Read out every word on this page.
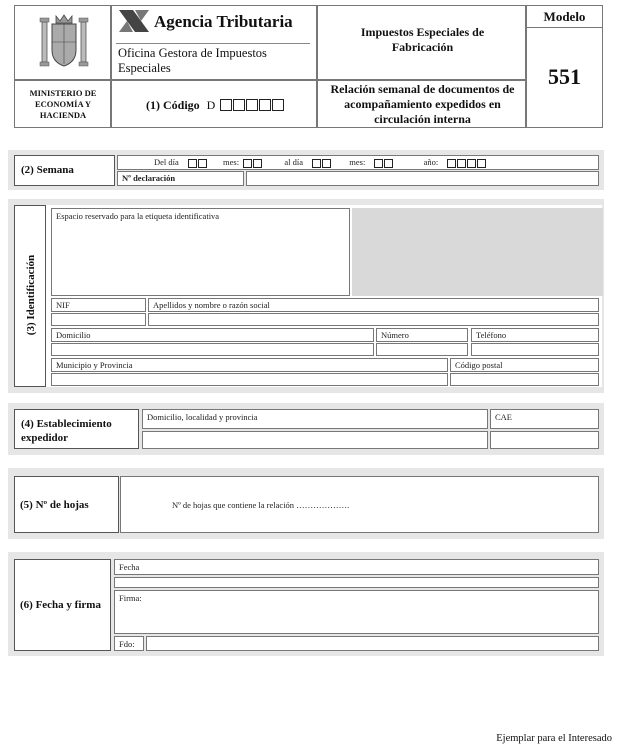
Agencia Tributaria
Oficina Gestora de Impuestos Especiales
Impuestos Especiales de Fabricación
Modelo
551
MINISTERIO DE ECONOMÍA Y HACIENDA
(1) Código D
Relación semanal de documentos de acompañamiento expedidos en circulación interna
(2) Semana
Del día	mes:	al día	mes:	año:
Nº declaración
(3) Identificación
Espacio reservado para la etiqueta identificativa
NIF	Apellidos y nombre o razón social
Domicilio	Número	Teléfono
Municipio y Provincia	Código postal
(4) Establecimiento expedidor
Domicilio, localidad y provincia	CAE
(5) Nº de hojas	Nº de hojas que contiene la relación ……………….
(6) Fecha y firma
Fecha
Firma:
Fdo:
Ejemplar para el Interesado
